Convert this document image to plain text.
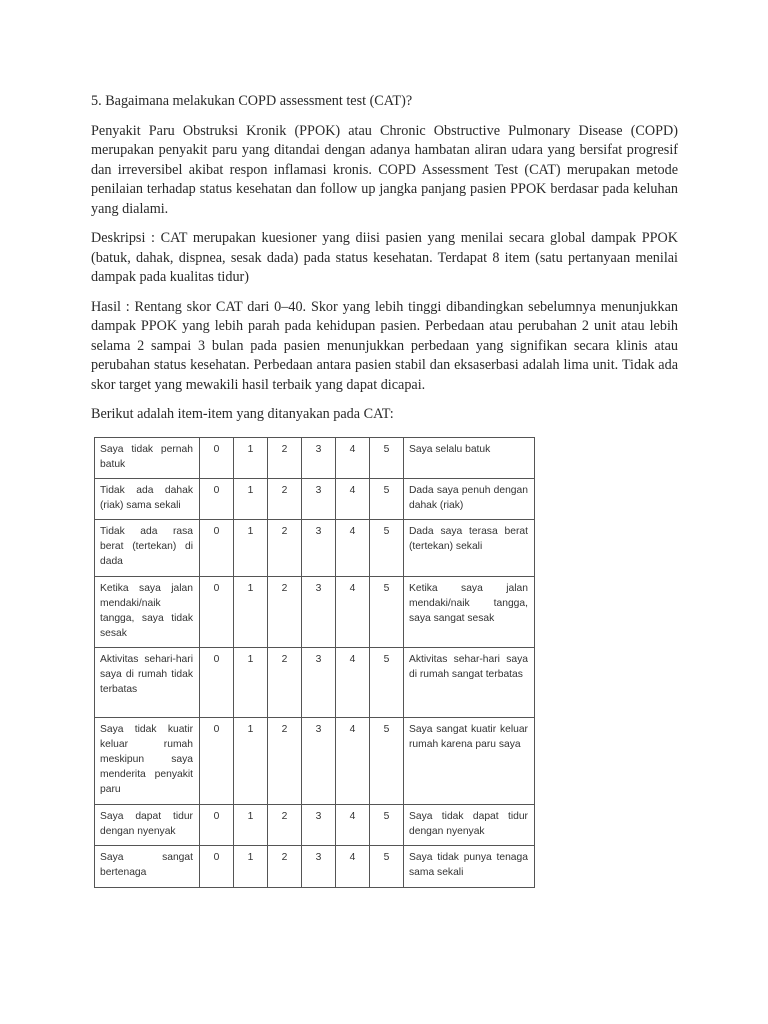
5. Bagaimana melakukan COPD assessment test (CAT)?

Penyakit Paru Obstruksi Kronik (PPOK) atau Chronic Obstructive Pulmonary Disease (COPD) merupakan penyakit paru yang ditandai dengan adanya hambatan aliran udara yang bersifat progresif dan irreversibel akibat respon inflamasi kronis. COPD Assessment Test (CAT) merupakan metode penilaian terhadap status kesehatan dan follow up jangka panjang pasien PPOK berdasar pada keluhan yang dialami.

Deskripsi : CAT merupakan kuesioner yang diisi pasien yang menilai secara global dampak PPOK (batuk, dahak, dispnea, sesak dada) pada status kesehatan. Terdapat 8 item (satu pertanyaan menilai dampak pada kualitas tidur)

Hasil : Rentang skor CAT dari 0–40. Skor yang lebih tinggi dibandingkan sebelumnya menunjukkan dampak PPOK yang lebih parah pada kehidupan pasien. Perbedaan atau perubahan 2 unit atau lebih selama 2 sampai 3 bulan pada pasien menunjukkan perbedaan yang signifikan secara klinis atau perubahan status kesehatan. Perbedaan antara pasien stabil dan eksaserbasi adalah lima unit. Tidak ada skor target yang mewakili hasil terbaik yang dapat dicapai.

Berikut adalah item-item yang ditanyakan pada CAT:

Saya tidak pernah batuk	0	1	2	3	4	5	Saya selalu batuk
Tidak ada dahak (riak) sama sekali	0	1	2	3	4	5	Dada saya penuh dengan dahak (riak)
Tidak ada rasa berat (tertekan) di dada	0	1	2	3	4	5	Dada saya terasa berat (tertekan) sekali
Ketika saya jalan mendaki/naik tangga, saya tidak sesak	0	1	2	3	4	5	Ketika saya jalan mendaki/naik tangga, saya sangat sesak
Aktivitas sehari-hari saya di rumah tidak terbatas	0	1	2	3	4	5	Aktivitas sehar-hari saya di rumah sangat terbatas
Saya tidak kuatir keluar rumah meskipun saya menderita penyakit paru	0	1	2	3	4	5	Saya sangat kuatir keluar rumah karena paru saya
Saya dapat tidur dengan nyenyak	0	1	2	3	4	5	Saya tidak dapat tidur dengan nyenyak
Saya sangat bertenaga	0	1	2	3	4	5	Saya tidak punya tenaga sama sekali
